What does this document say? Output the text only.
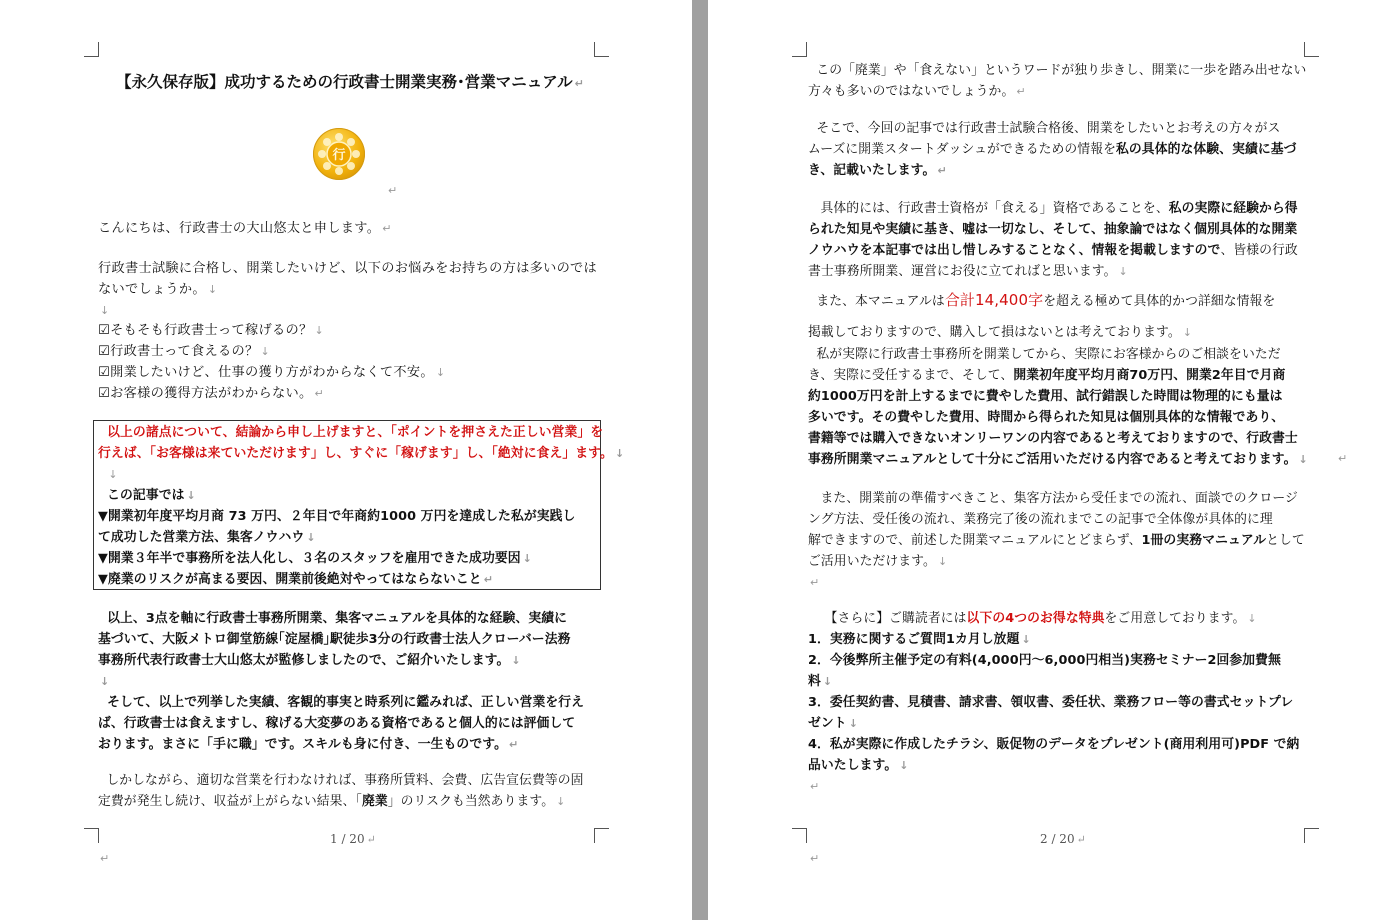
【永久保存版】成功するための行政書士開業実務･営業マニュアル ↵
行
↵
こんにちは、行政書士の大山悠太と申します。 ↵
行政書士試験に合格し、開業したいけど、以下のお悩みをお持ちの方は多いのでは
ないでしょうか。 ↓
↓
☑そもそも行政書士って稼げるの？ ↓
☑行政書士って食えるの？ ↓
☑開業したいけど、仕事の獲り方がわからなくて不安。 ↓
☑お客様の獲得方法がわからない。 ↵
以上の諸点について、結論から申し上げますと、「ポイントを押さえた正しい営業」を
行えば、「お客様は来ていただけます」し、すぐに「稼げます」し、「絶対に食え」ます。 ↓
↓
この記事では ↓
▼開業初年度平均月商 73 万円、２年目で年商約1000 万円を達成した私が実践し
て成功した営業方法、集客ノウハウ ↓
▼開業３年半で事務所を法人化し、３名のスタッフを雇用できた成功要因 ↓
▼廃業のリスクが高まる要因、開業前後絶対やってはならないこと ↵
以上、3点を軸に行政書士事務所開業、集客マニュアルを具体的な経験、実績に
基づいて、大阪メトロ御堂筋線｢淀屋橋｣駅徒歩3分の行政書士法人クローバー法務
事務所代表行政書士大山悠太が監修しましたので、ご紹介いたします。 ↓
↓
そして、以上で列挙した実績、客観的事実と時系列に鑑みれば、正しい営業を行え
ば、行政書士は食えますし、稼げる大変夢のある資格であると個人的には評価して
おります。まさに「手に職」です。スキルも身に付き、一生ものです。 ↵
しかしながら、適切な営業を行わなければ、事務所賃料、会費、広告宣伝費等の固
定費が発生し続け、収益が上がらない結果、「廃業」のリスクも当然あります。 ↓
1 / 20 ↵
↵
この「廃業」や「食えない」というワードが独り歩きし、開業に一歩を踏み出せない
方々も多いのではないでしょうか。 ↵
そこで、今回の記事では行政書士試験合格後、開業をしたいとお考えの方々がス
ムーズに開業スタートダッシュができるための情報を私の具体的な体験、実績に基づ
き、記載いたします。 ↵
具体的には、行政書士資格が「食える」資格であることを、私の実際に経験から得
られた知見や実績に基き、嘘は一切なし、そして、抽象論ではなく個別具体的な開業
ノウハウを本記事では出し惜しみすることなく、情報を掲載しますので、皆様の行政
書士事務所開業、運営にお役に立てればと思います。 ↓
また、本マニュアルは合計14,400字を超える極めて具体的かつ詳細な情報を
掲載しておりますので、購入して損はないとは考えております。 ↓
私が実際に行政書士事務所を開業してから、実際にお客様からのご相談をいただ
き、実際に受任するまで、そして、開業初年度平均月商70万円、開業2年目で月商
約1000万円を計上するまでに費やした費用、試行錯誤した時間は物理的にも量は
多いです。その費やした費用、時間から得られた知見は個別具体的な情報であり、
書籍等では購入できないオンリーワンの内容であると考えておりますので、行政書士
事務所開業マニュアルとして十分にご活用いただける内容であると考えております。 ↓
また、開業前の準備すべきこと、集客方法から受任までの流れ、面談でのクロージ
ング方法、受任後の流れ、業務完了後の流れまでこの記事で全体像が具体的に理
解できますので、前述した開業マニュアルにとどまらず、1冊の実務マニュアルとして
ご活用いただけます。 ↓
↵
【さらに】ご購読者には以下の4つのお得な特典をご用意しております。 ↓
1．実務に関するご質問1カ月し放題 ↓
2．今後弊所主催予定の有料(4,000円〜6,000円相当)実務セミナー2回参加費無
料 ↓
3．委任契約書、見積書、請求書、領収書、委任状、業務フロー等の書式セットプレ
ゼント ↓
4．私が実際に作成したチラシ、販促物のデータをプレゼント(商用利用可)PDF で納
品いたします。 ↓
↵
↵
2 / 20 ↵
↵
